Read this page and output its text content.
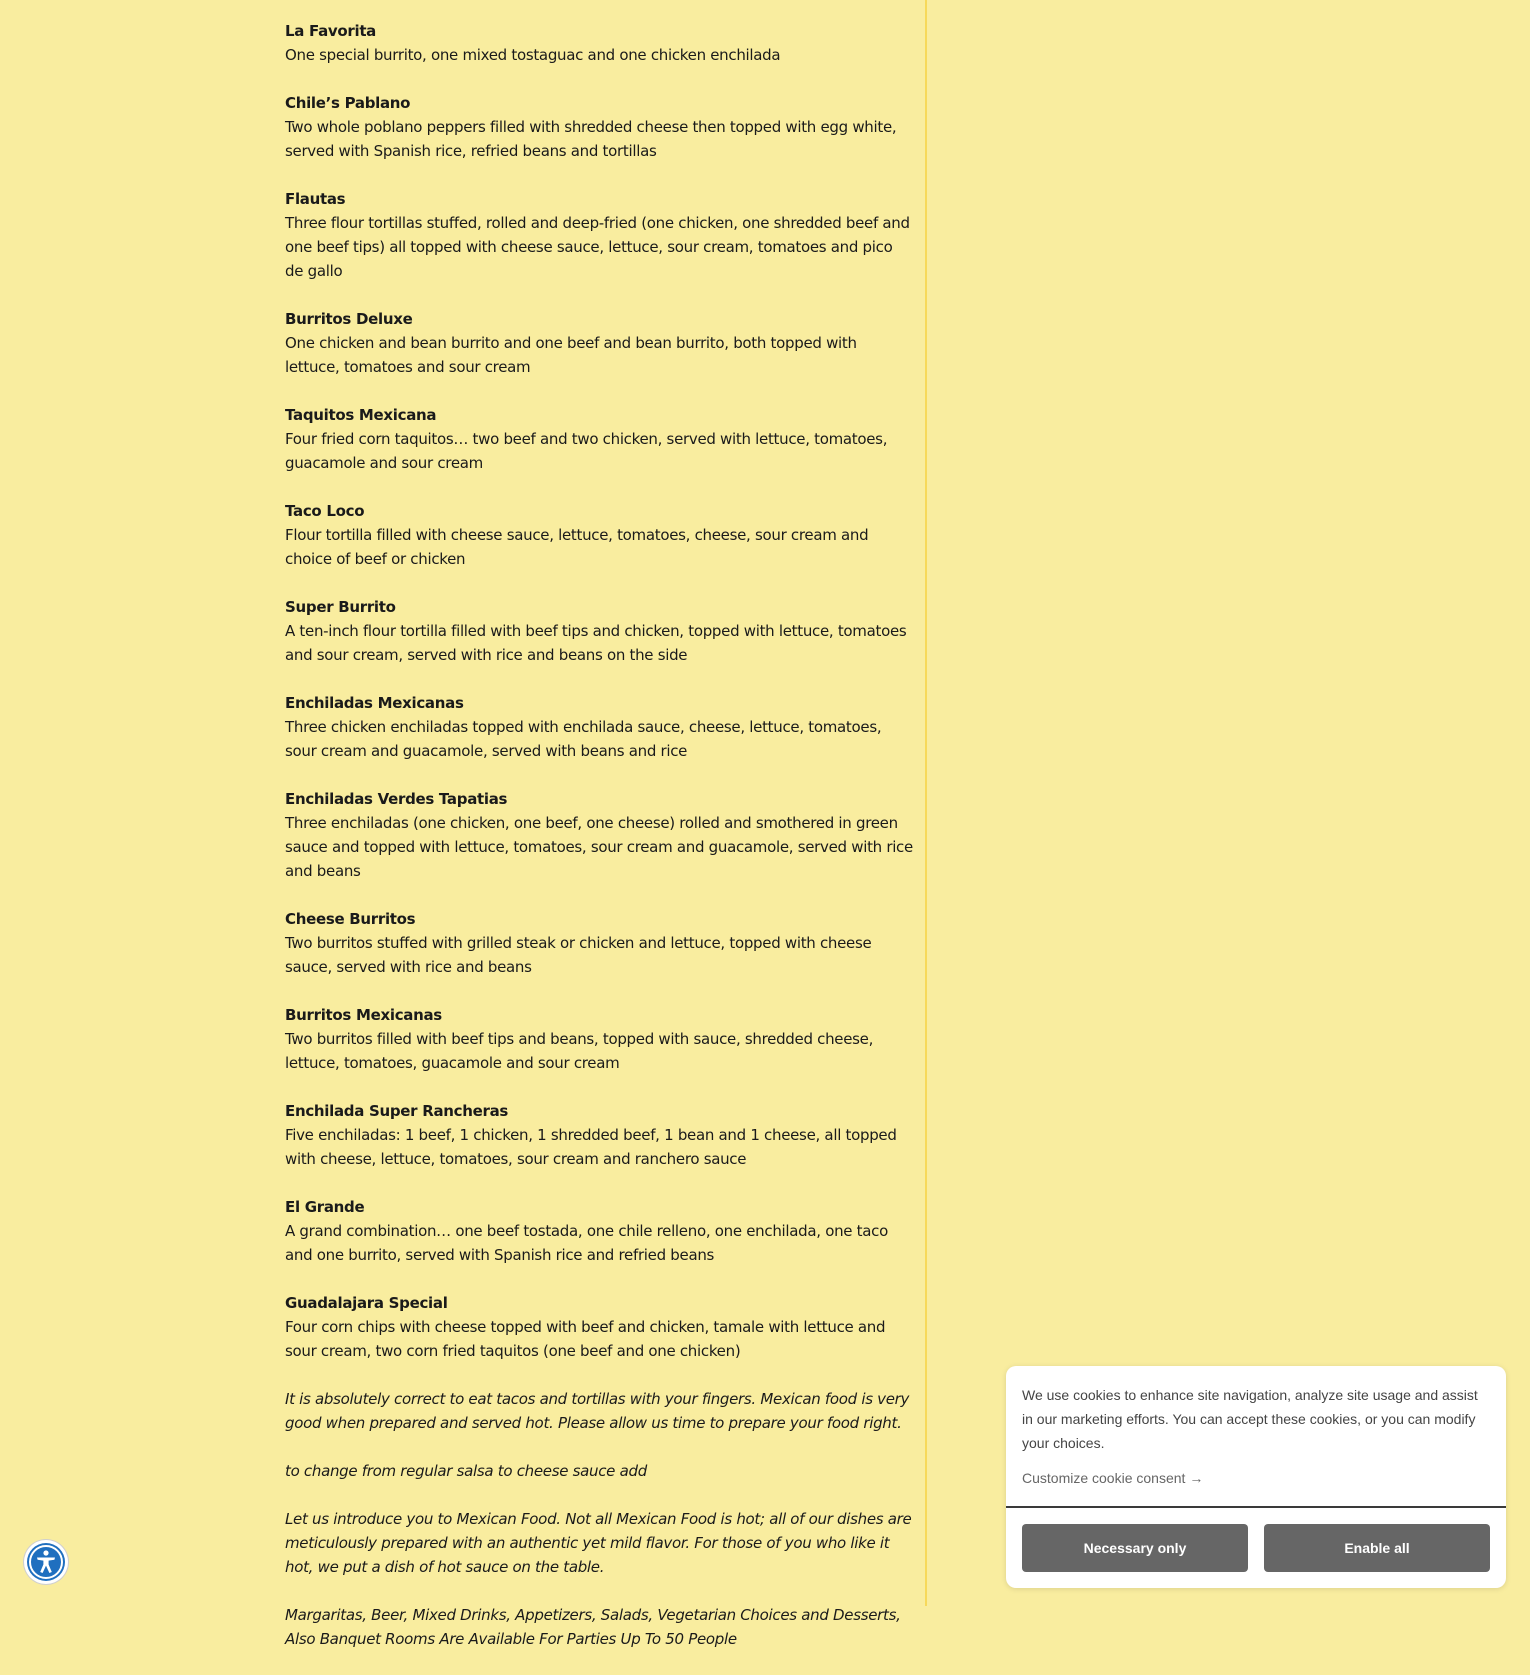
La Favorita
One special burrito, one mixed tostaguac and one chicken enchilada
Chile’s Pablano
Two whole poblano peppers filled with shredded cheese then topped with egg white, served with Spanish rice, refried beans and tortillas
Flautas
Three flour tortillas stuffed, rolled and deep-fried (one chicken, one shredded beef and one beef tips) all topped with cheese sauce, lettuce, sour cream, tomatoes and pico de gallo
Burritos Deluxe
One chicken and bean burrito and one beef and bean burrito, both topped with lettuce, tomatoes and sour cream
Taquitos Mexicana
Four fried corn taquitos… two beef and two chicken, served with lettuce, tomatoes, guacamole and sour cream
Taco Loco
Flour tortilla filled with cheese sauce, lettuce, tomatoes, cheese, sour cream and choice of beef or chicken
Super Burrito
A ten-inch flour tortilla filled with beef tips and chicken, topped with lettuce, tomatoes and sour cream, served with rice and beans on the side
Enchiladas Mexicanas
Three chicken enchiladas topped with enchilada sauce, cheese, lettuce, tomatoes, sour cream and guacamole, served with beans and rice
Enchiladas Verdes Tapatias
Three enchiladas (one chicken, one beef, one cheese) rolled and smothered in green sauce and topped with lettuce, tomatoes, sour cream and guacamole, served with rice and beans
Cheese Burritos
Two burritos stuffed with grilled steak or chicken and lettuce, topped with cheese sauce, served with rice and beans
Burritos Mexicanas
Two burritos filled with beef tips and beans, topped with sauce, shredded cheese, lettuce, tomatoes, guacamole and sour cream
Enchilada Super Rancheras
Five enchiladas: 1 beef, 1 chicken, 1 shredded beef, 1 bean and 1 cheese, all topped with cheese, lettuce, tomatoes, sour cream and ranchero sauce
El Grande
A grand combination… one beef tostada, one chile relleno, one enchilada, one taco and one burrito, served with Spanish rice and refried beans
Guadalajara Special
Four corn chips with cheese topped with beef and chicken, tamale with lettuce and sour cream, two corn fried taquitos (one beef and one chicken)

It is absolutely correct to eat tacos and tortillas with your fingers. Mexican food is very good when prepared and served hot. Please allow us time to prepare your food right.

to change from regular salsa to cheese sauce add

Let us introduce you to Mexican Food. Not all Mexican Food is hot; all of our dishes are meticulously prepared with an authentic yet mild flavor. For those of you who like it hot, we put a dish of hot sauce on the table.

Margaritas, Beer, Mixed Drinks, Appetizers, Salads, Vegetarian Choices and Desserts, Also Banquet Rooms Are Available For Parties Up To 50 People

We use cookies to enhance site navigation, analyze site usage and assist in our marketing efforts. You can accept these cookies, or you can modify your choices.
Customize cookie consent →
Necessary only	Enable all
